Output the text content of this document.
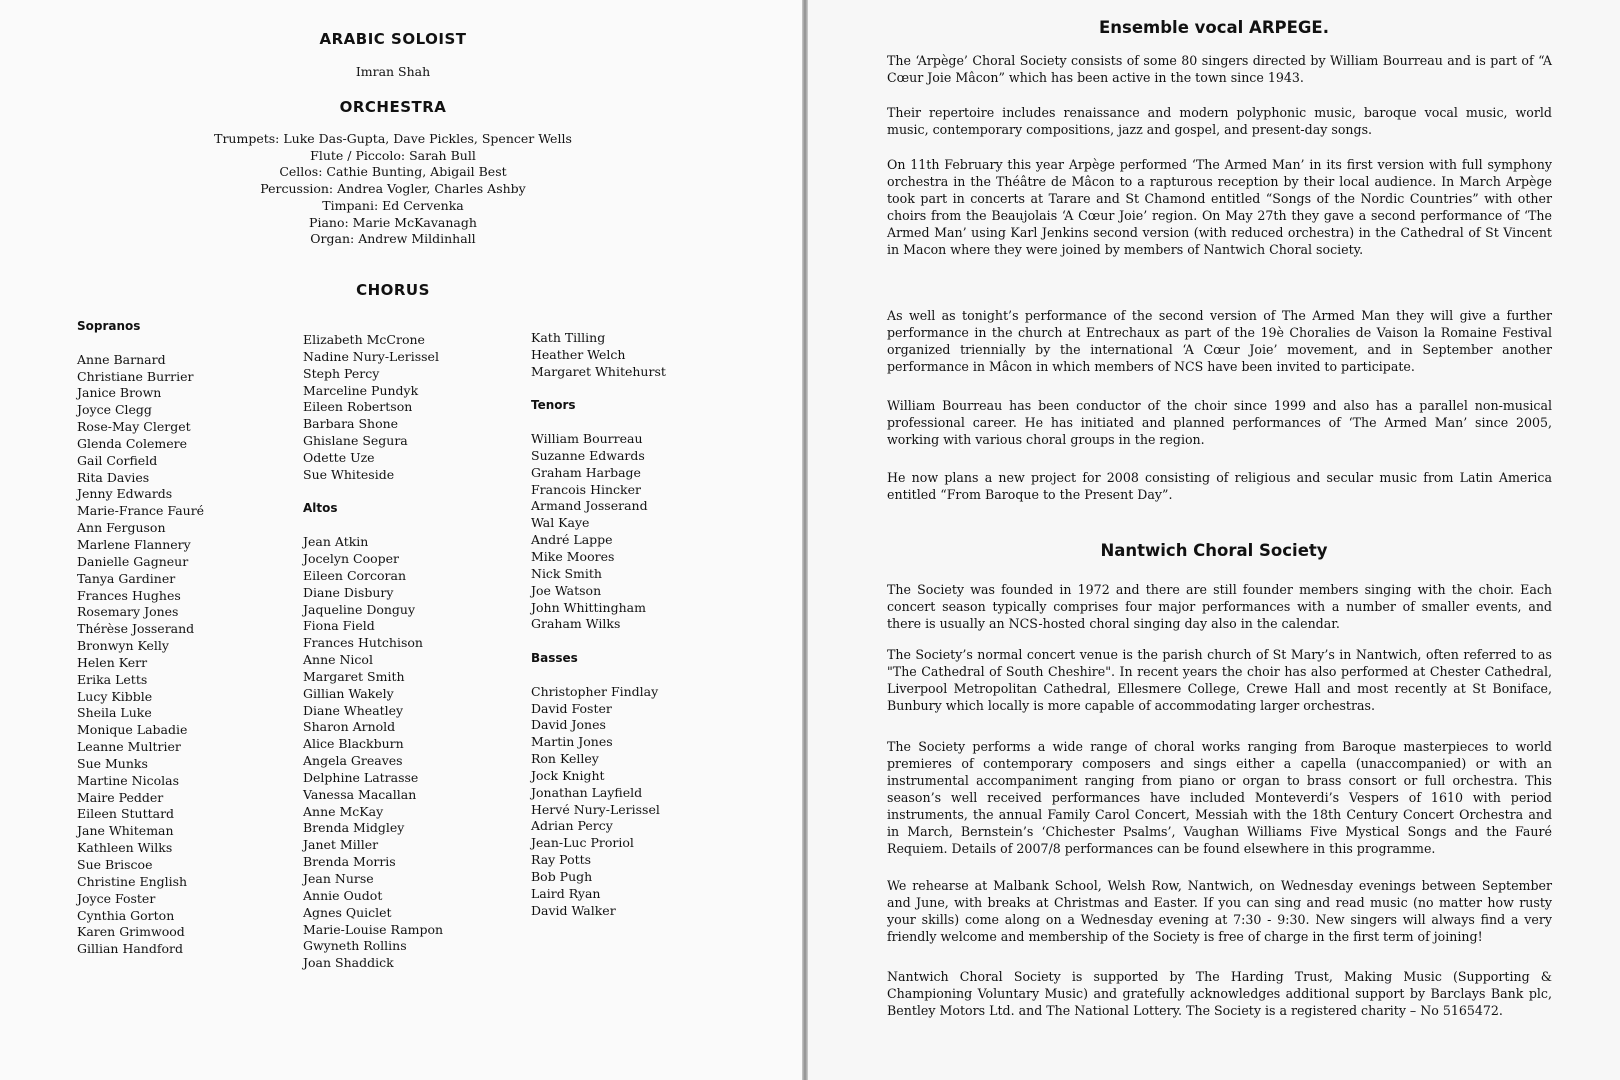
ARABIC SOLOIST
Imran Shah
ORCHESTRA
Trumpets: Luke Das-Gupta, Dave Pickles, Spencer Wells
Flute / Piccolo: Sarah Bull
Cellos: Cathie Bunting, Abigail Best
Percussion: Andrea Vogler, Charles Ashby
Timpani: Ed Cervenka
Piano: Marie McKavanagh
Organ: Andrew Mildinhall
CHORUS
Sopranos
Anne Barnard
Christiane Burrier
Janice Brown
Joyce Clegg
Rose-May Clerget
Glenda Colemere
Gail Corfield
Rita Davies
Jenny Edwards
Marie-France Fauré
Ann Ferguson
Marlene Flannery
Danielle Gagneur
Tanya Gardiner
Frances Hughes
Rosemary Jones
Thérèse Josserand
Bronwyn Kelly
Helen Kerr
Erika Letts
Lucy Kibble
Sheila Luke
Monique Labadie
Leanne Multrier
Sue Munks
Martine Nicolas
Maire Pedder
Eileen Stuttard
Jane Whiteman
Kathleen Wilks
Sue Briscoe
Christine English
Joyce Foster
Cynthia Gorton
Karen Grimwood
Gillian Handford
Elizabeth McCrone
Nadine Nury-Lerissel
Steph Percy
Marceline Pundyk
Eileen Robertson
Barbara Shone
Ghislane Segura
Odette Uze
Sue Whiteside
Altos
Jean Atkin
Jocelyn Cooper
Eileen Corcoran
Diane Disbury
Jaqueline Donguy
Fiona Field
Frances Hutchison
Anne Nicol
Margaret Smith
Gillian Wakely
Diane Wheatley
Sharon Arnold
Alice Blackburn
Angela Greaves
Delphine Latrasse
Vanessa Macallan
Anne McKay
Brenda Midgley
Janet Miller
Brenda Morris
Jean Nurse
Annie Oudot
Agnes Quiclet
Marie-Louise Rampon
Gwyneth Rollins
Joan Shaddick
Kath Tilling
Heather Welch
Margaret Whitehurst
Tenors
William Bourreau
Suzanne Edwards
Graham Harbage
Francois Hincker
Armand Josserand
Wal Kaye
André Lappe
Mike Moores
Nick Smith
Joe Watson
John Whittingham
Graham Wilks
Basses
Christopher Findlay
David Foster
David Jones
Martin Jones
Ron Kelley
Jock Knight
Jonathan Layfield
Hervé Nury-Lerissel
Adrian Percy
Jean-Luc Proriol
Ray Potts
Bob Pugh
Laird Ryan
David Walker
Ensemble vocal ARPEGE.
The ‘Arpège’ Choral Society consists of some 80 singers directed by William Bourreau and is part of “A Cœur Joie Mâcon” which has been active in the town since 1943.
Their repertoire includes renaissance and modern polyphonic music, baroque vocal music, world music, contemporary compositions, jazz and gospel, and present-day songs.
On 11th February this year Arpège performed ‘The Armed Man’ in its first version with full symphony orchestra in the Théâtre de Mâcon to a rapturous reception by their local audience. In March Arpège took part in concerts at Tarare and St Chamond entitled “Songs of the Nordic Countries” with other choirs from the Beaujolais ‘A Cœur Joie’ region. On May 27th they gave a second performance of ‘The Armed Man’ using Karl Jenkins second version (with reduced orchestra) in the Cathedral of St Vincent in Macon where they were joined by members of Nantwich Choral society.
As well as tonight’s performance of the second version of The Armed Man they will give a further performance in the church at Entrechaux as part of the 19è Choralies de Vaison la Romaine Festival organized triennially by the international ‘A Cœur Joie’ movement, and in September another performance in Mâcon in which members of NCS have been invited to participate.
William Bourreau has been conductor of the choir since 1999 and also has a parallel non-musical professional career. He has initiated and planned performances of ‘The Armed Man’ since 2005, working with various choral groups in the region.
He now plans a new project for 2008 consisting of religious and secular music from Latin America entitled “From Baroque to the Present Day”.
Nantwich Choral Society
The Society was founded in 1972 and there are still founder members singing with the choir. Each concert season typically comprises four major performances with a number of smaller events, and there is usually an NCS-hosted choral singing day also in the calendar.
The Society’s normal concert venue is the parish church of St Mary’s in Nantwich, often referred to as "The Cathedral of South Cheshire". In recent years the choir has also performed at Chester Cathedral, Liverpool Metropolitan Cathedral, Ellesmere College, Crewe Hall and most recently at St Boniface, Bunbury which locally is more capable of accommodating larger orchestras.
The Society performs a wide range of choral works ranging from Baroque masterpieces to world premieres of contemporary composers and sings either a capella (unaccompanied) or with an instrumental accompaniment ranging from piano or organ to brass consort or full orchestra. This season’s well received performances have included Monteverdi’s Vespers of 1610 with period instruments, the annual Family Carol Concert, Messiah with the 18th Century Concert Orchestra and in March, Bernstein’s ‘Chichester Psalms’, Vaughan Williams Five Mystical Songs and the Fauré Requiem. Details of 2007/8 performances can be found elsewhere in this programme.
We rehearse at Malbank School, Welsh Row, Nantwich, on Wednesday evenings between September and June, with breaks at Christmas and Easter. If you can sing and read music (no matter how rusty your skills) come along on a Wednesday evening at 7:30 - 9:30. New singers will always find a very friendly welcome and membership of the Society is free of charge in the first term of joining!
Nantwich Choral Society is supported by The Harding Trust, Making Music (Supporting & Championing Voluntary Music) and gratefully acknowledges additional support by Barclays Bank plc, Bentley Motors Ltd. and The National Lottery. The Society is a registered charity – No 5165472.
